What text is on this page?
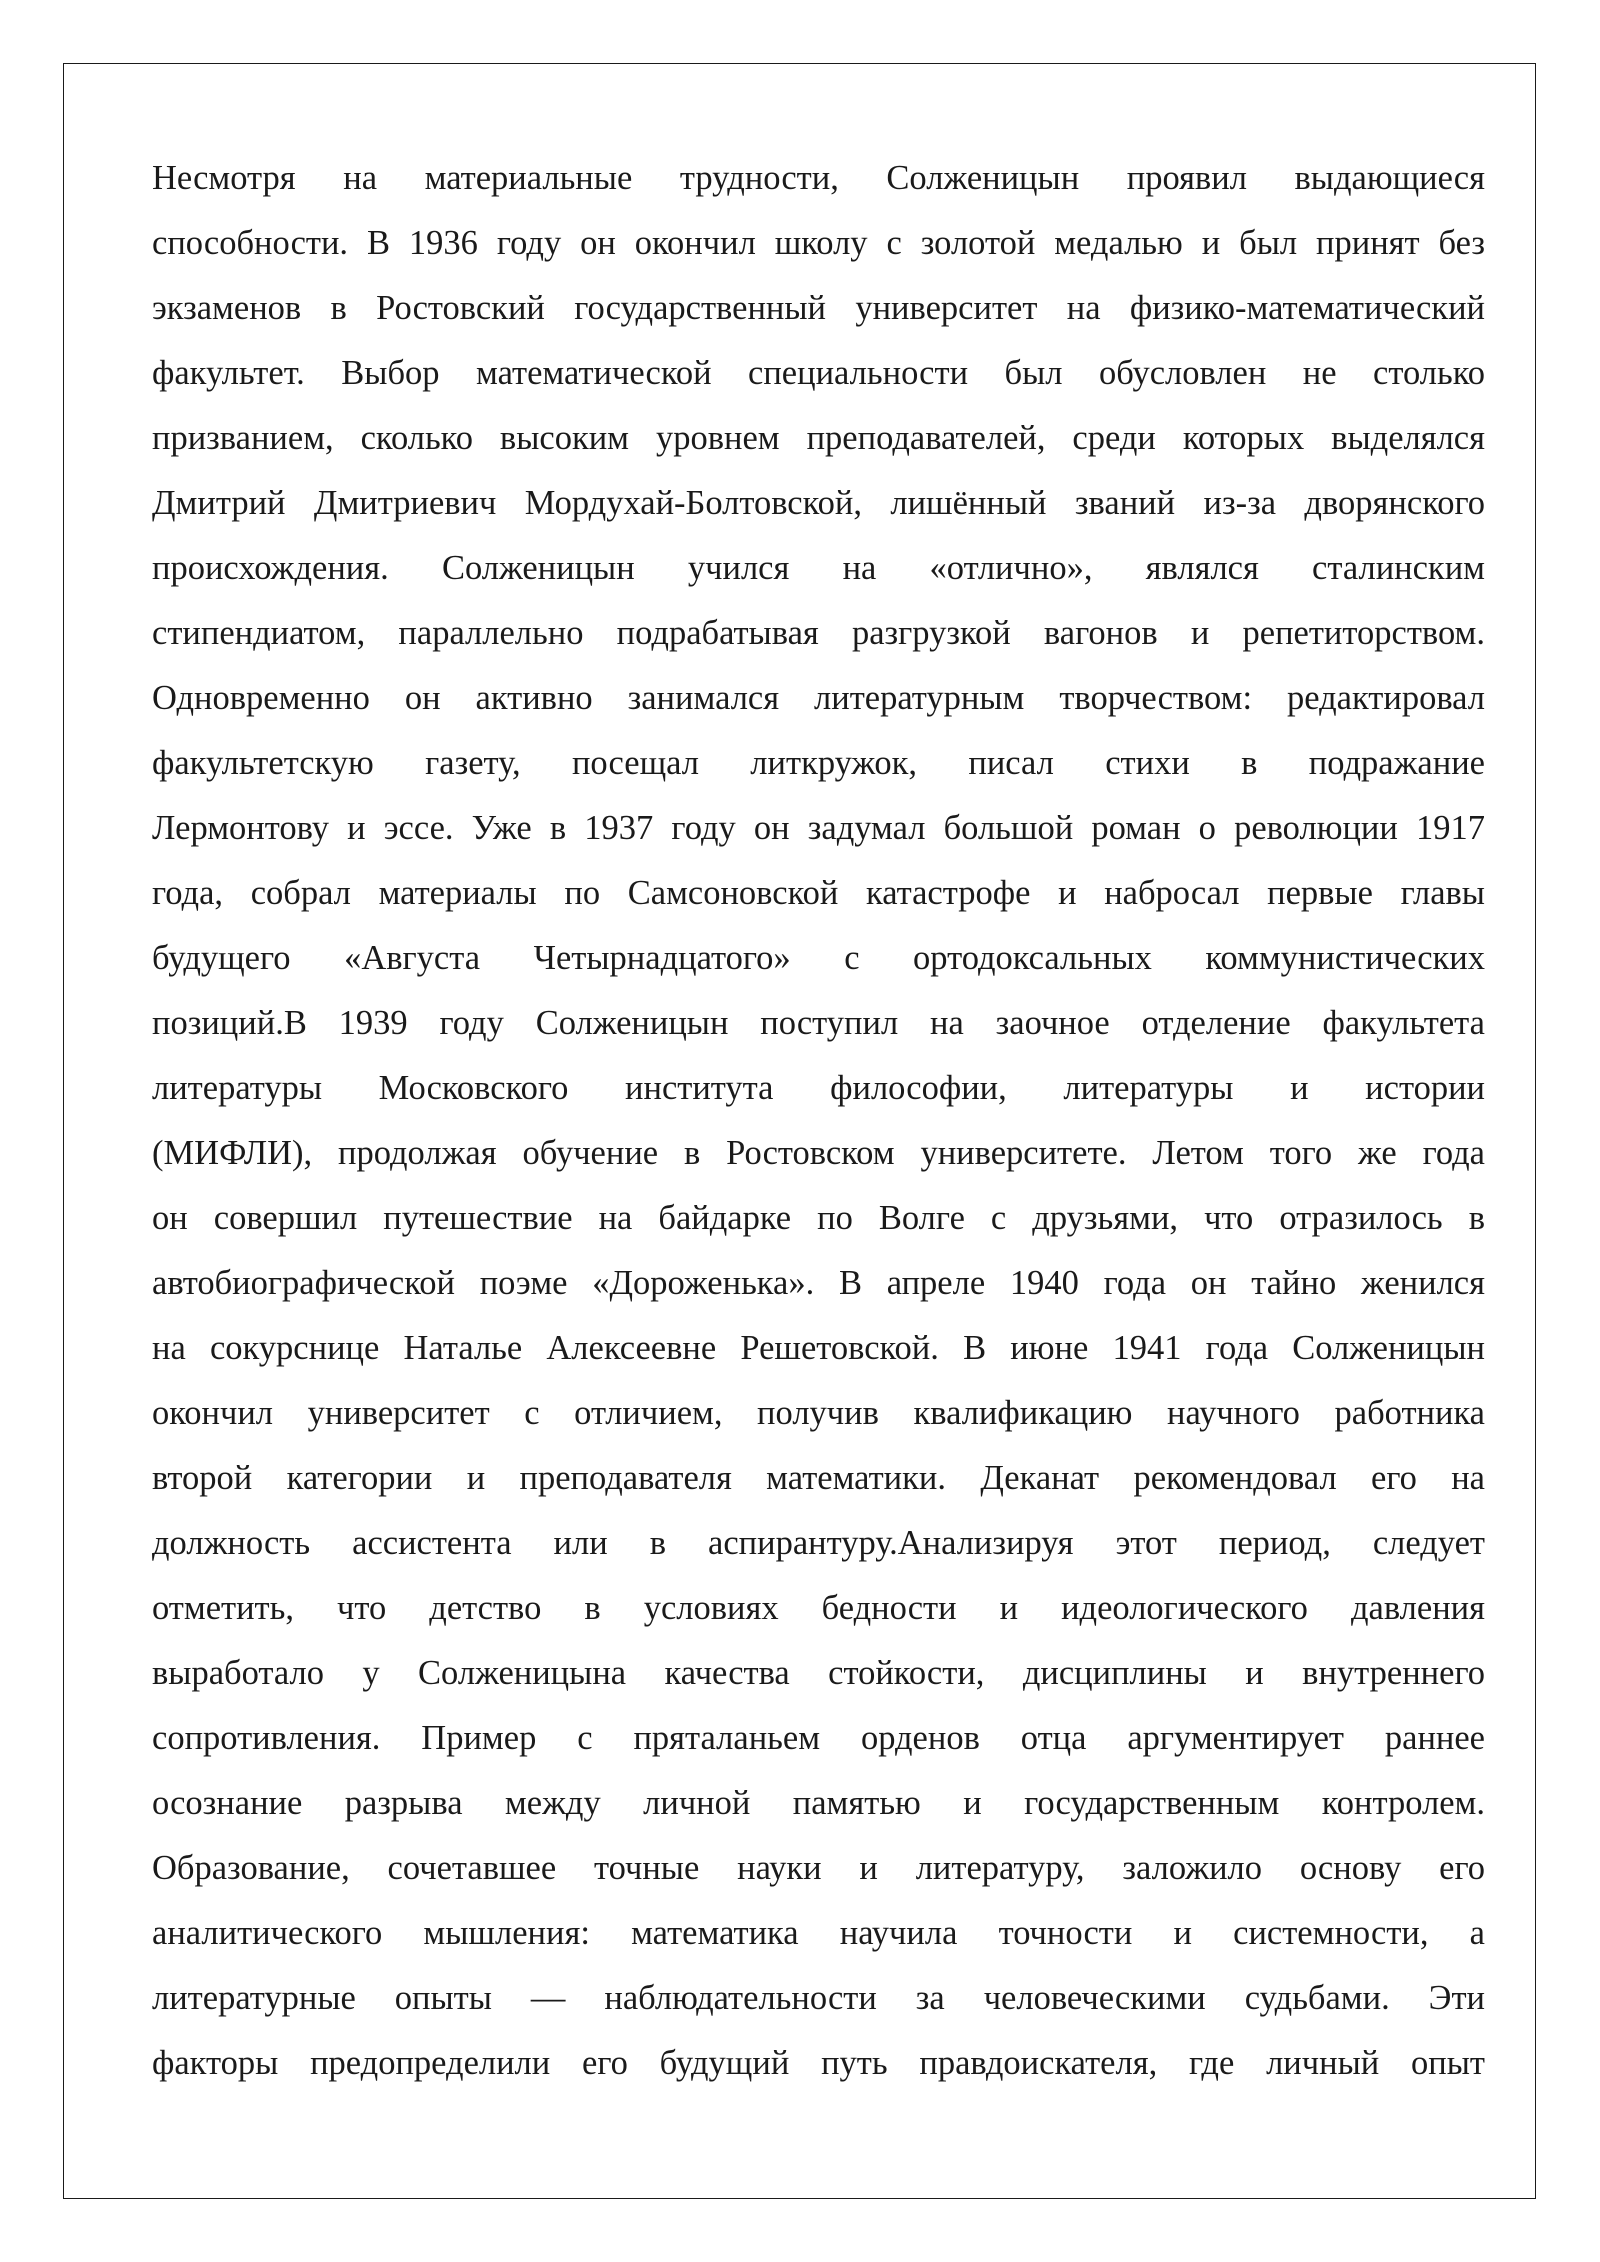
Несмотря на материальные трудности, Солженицын проявил выдающиеся
способности. В 1936 году он окончил школу с золотой медалью и был принят без
экзаменов в Ростовский государственный университет на физико-математический
факультет. Выбор математической специальности был обусловлен не столько
призванием, сколько высоким уровнем преподавателей, среди которых выделялся
Дмитрий Дмитриевич Мордухай-Болтовской, лишённый званий из-за дворянского
происхождения. Солженицын учился на «отлично», являлся сталинским
стипендиатом, параллельно подрабатывая разгрузкой вагонов и репетиторством.
Одновременно он активно занимался литературным творчеством: редактировал
факультетскую газету, посещал литкружок, писал стихи в подражание
Лермонтову и эссе. Уже в 1937 году он задумал большой роман о революции 1917
года, собрал материалы по Самсоновской катастрофе и набросал первые главы
будущего «Августа Четырнадцатого» с ортодоксальных коммунистических
позиций.В 1939 году Солженицын поступил на заочное отделение факультета
литературы Московского института философии, литературы и истории
(МИФЛИ), продолжая обучение в Ростовском университете. Летом того же года
он совершил путешествие на байдарке по Волге с друзьями, что отразилось в
автобиографической поэме «Дороженька». В апреле 1940 года он тайно женился
на сокурснице Наталье Алексеевне Решетовской. В июне 1941 года Солженицын
окончил университет с отличием, получив квалификацию научного работника
второй категории и преподавателя математики. Деканат рекомендовал его на
должность ассистента или в аспирантуру.Анализируя этот период, следует
отметить, что детство в условиях бедности и идеологического давления
выработало у Солженицына качества стойкости, дисциплины и внутреннего
сопротивления. Пример с пряталаньем орденов отца аргументирует раннее
осознание разрыва между личной памятью и государственным контролем.
Образование, сочетавшее точные науки и литературу, заложило основу его
аналитического мышления: математика научила точности и системности, а
литературные опыты — наблюдательности за человеческими судьбами. Эти
факторы предопределили его будущий путь правдоискателя, где личный опыт
